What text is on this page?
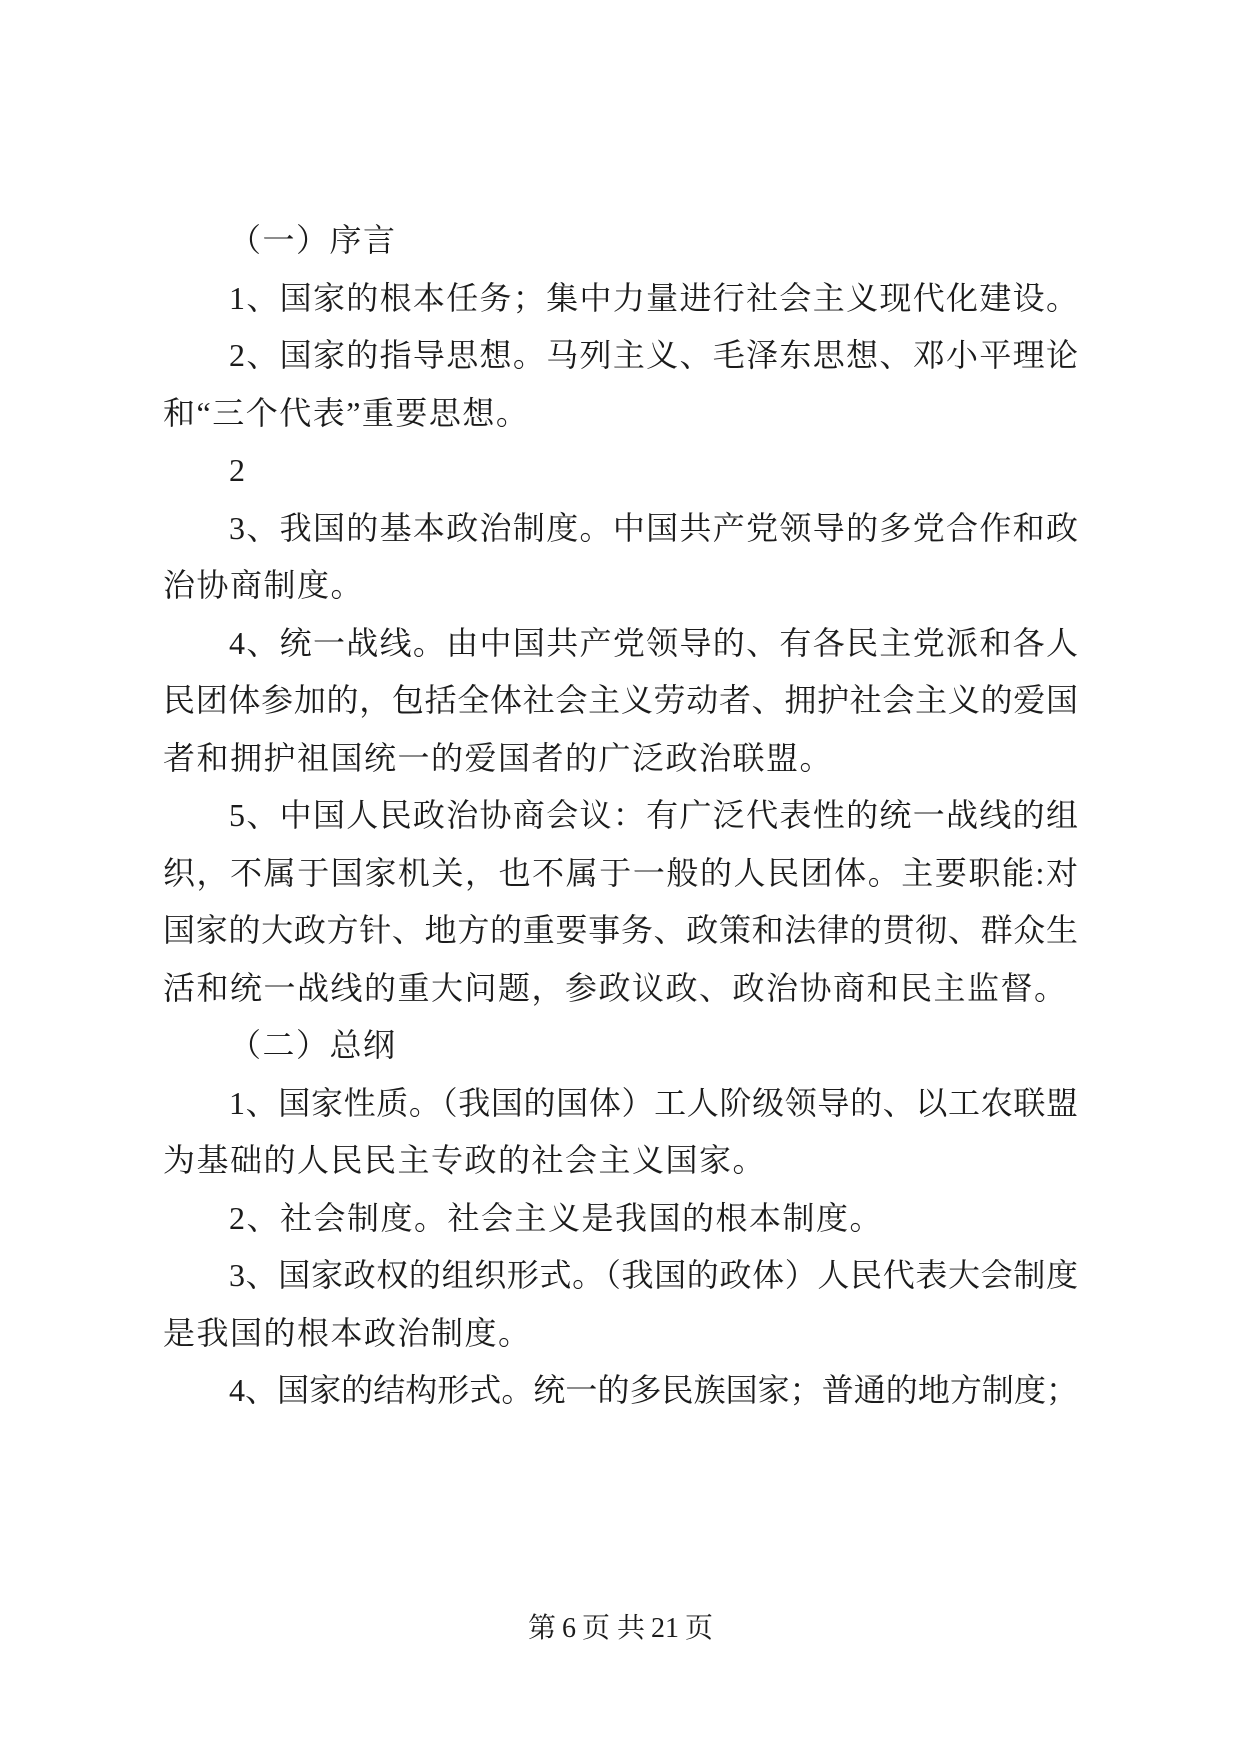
（一）序言
1、国家的根本任务；集中力量进行社会主义现代化建设。
2、国家的指导思想。马列主义、毛泽东思想、邓小平理论
和“三个代表”重要思想。
2
3、我国的基本政治制度。中国共产党领导的多党合作和政
治协商制度。
4、统一战线。由中国共产党领导的、有各民主党派和各人
民团体参加的，包括全体社会主义劳动者、拥护社会主义的爱国
者和拥护祖国统一的爱国者的广泛政治联盟。
5、中国人民政治协商会议：有广泛代表性的统一战线的组
织，不属于国家机关，也不属于一般的人民团体。主要职能:对
国家的大政方针、地方的重要事务、政策和法律的贯彻、群众生
活和统一战线的重大问题，参政议政、政治协商和民主监督。
（二）总纲
1、国家性质。（我国的国体）工人阶级领导的、以工农联盟
为基础的人民民主专政的社会主义国家。
2、社会制度。社会主义是我国的根本制度。
3、国家政权的组织形式。（我国的政体）人民代表大会制度
是我国的根本政治制度。
4、国家的结构形式。统一的多民族国家；普通的地方制度；
第 6 页 共 21 页
